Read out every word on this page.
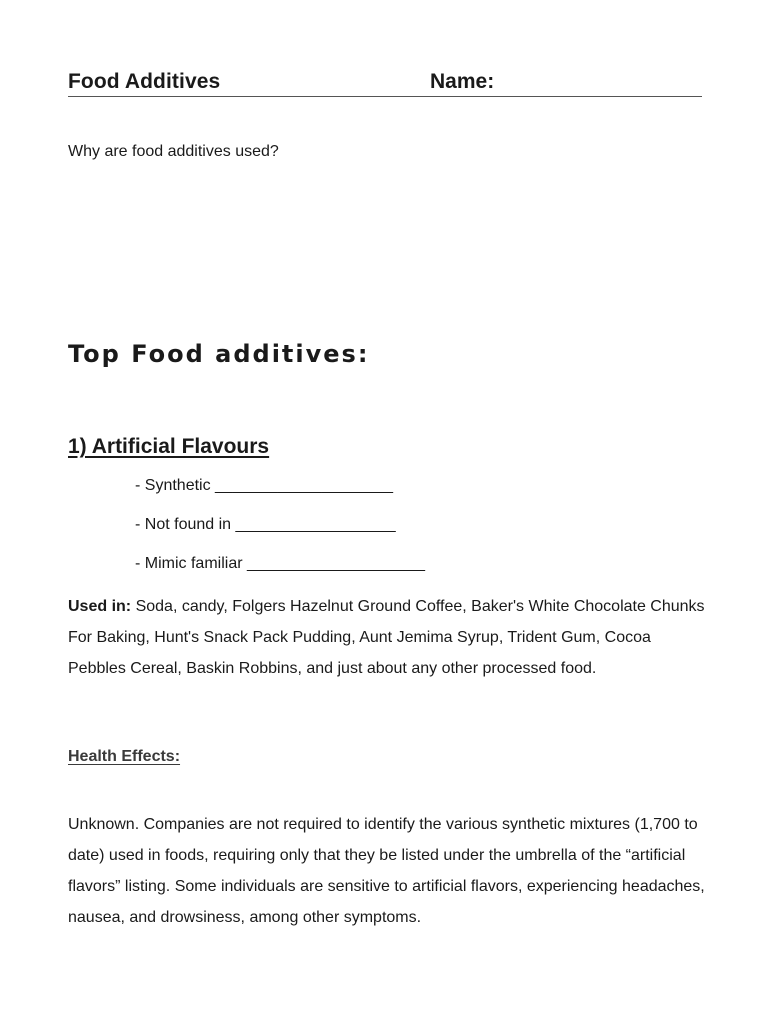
Food Additives	Name:
Why are food additives used?
Top Food additives:
1) Artificial Flavours
- Synthetic ____________________
- Not found in __________________
- Mimic familiar ____________________
Used in: Soda, candy, Folgers Hazelnut Ground Coffee, Baker's White Chocolate Chunks For Baking, Hunt's Snack Pack Pudding, Aunt Jemima Syrup, Trident Gum, Cocoa Pebbles Cereal, Baskin Robbins, and just about any other processed food.
Health Effects:
Unknown. Companies are not required to identify the various synthetic mixtures (1,700 to date) used in foods, requiring only that they be listed under the umbrella of the “artificial flavors” listing. Some individuals are sensitive to artificial flavors, experiencing headaches, nausea, and drowsiness, among other symptoms.
